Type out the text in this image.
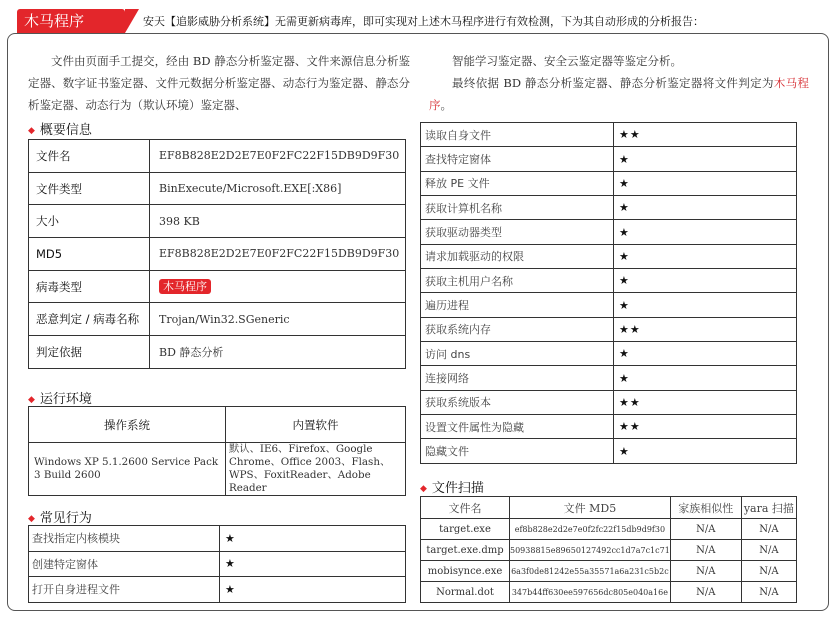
木马程序	安天【追影威胁分析系统】无需更新病毒库，即可实现对上述木马程序进行有效检测，下为其自动形成的分析报告：
文件由页面手工提交，经由 BD 静态分析鉴定器、文件来源信息分析鉴定器、数字证书鉴定器、文件元数据分析鉴定器、动态行为鉴定器、静态分析鉴定器、动态行为（欺认环境）鉴定器、
智能学习鉴定器、安全云鉴定器等鉴定分析。
最终依据 BD 静态分析鉴定器、静态分析鉴定器将文件判定为木马程序。
◆ 概要信息
文件名	EF8B828E2D2E7E0F2FC22F15DB9D9F30
文件类型	BinExecute/Microsoft.EXE[:X86]
大小	398 KB
MD5	EF8B828E2D2E7E0F2FC22F15DB9D9F30
病毒类型	木马程序
恶意判定 / 病毒名称	Trojan/Win32.SGeneric
判定依据	BD 静态分析
◆ 运行环境
操作系统	内置软件
Windows XP 5.1.2600 Service Pack 3 Build 2600	默认、IE6、Firefox、Google Chrome、Office 2003、Flash、WPS、FoxitReader、Adobe Reader
◆ 常见行为
查找指定内核模块	★
创建特定窗体	★
打开自身进程文件	★
读取自身文件	★★
查找特定窗体	★
释放 PE 文件	★
获取计算机名称	★
获取驱动器类型	★
请求加载驱动的权限	★
获取主机用户名称	★
遍历进程	★
获取系统内存	★★
访问 dns	★
连接网络	★
获取系统版本	★★
设置文件属性为隐藏	★★
隐藏文件	★
◆ 文件扫描
文件名	文件 MD5	家族相似性	yara 扫描
target.exe	ef8b828e2d2e7e0f2fc22f15db9d9f30	N/A	N/A
target.exe.dmp	50938815e89650127492cc1d7a7c1c71	N/A	N/A
mobisynce.exe	6a3f0de81242e55a35571a6a231c5b2c	N/A	N/A
Normal.dot	347b44ff630ee597656dc805e040a16e	N/A	N/A
